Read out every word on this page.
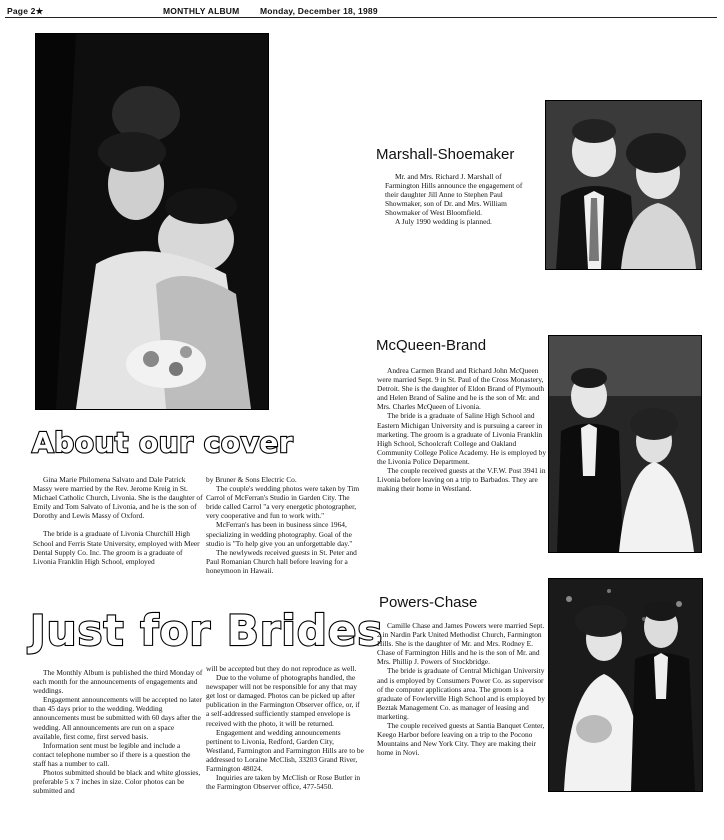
Page 2★	MONTHLY ALBUM Monday, December 18, 1989
About our cover

Gina Marie Philomena Salvato and Dale Patrick Massy were married by the Rev. Jerome Kreig in St. Michael Catholic Church, Livonia. She is the daughter of Emily and Tom Salvato of Livonia, and he is the son of Dorothy and Lewis Massy of Oxford.

The bride is a graduate of Livonia Churchill High School and Ferris State University, employed with Meer Dental Supply Co. Inc. The groom is a graduate of Livonia Franklin High School, employed

by Bruner & Sons Electric Co.

The couple's wedding photos were taken by Tim Carrol of McFerran's Studio in Garden City. The bride called Carrol "a very energetic photographer, very cooperative and fun to work with."

McFerran's has been in business since 1964, specializing in wedding photography. Goal of the studio is "To help give you an unforgettable day."

The newlyweds received guests in St. Peter and Paul Romanian Church hall before leaving for a honeymoon in Hawaii.

Just for Brides

The Monthly Album is published the third Monday of each month for the announcements of engagements and weddings.

Engagement announcements will be accepted no later than 45 days prior to the wedding. Wedding announcements must be submitted with 60 days after the wedding. All announcements are run on a space available, first come, first served basis.

Information sent must be legible and include a contact telephone number so if there is a question the staff has a number to call.

Photos submitted should be black and white glossies, preferable 5 x 7 inches in size. Color photos can be submitted and

will be accepted but they do not reproduce as well.

Due to the volume of photographs handled, the newspaper will not be responsible for any that may get lost or damaged. Photos can be picked up after publication in the Farmington Observer office, or, if a self-addressed sufficiently stamped envelope is received with the photo, it will be returned.

Engagement and wedding announcements pertinent to Livonia, Redford, Garden City, Westland, Farmington and Farmington Hills are to be addressed to Loraine McClish, 33203 Grand River, Farmington 48024.

Inquiries are taken by McClish or Rose Butler in the Farmington Observer office, 477-5450.

Marshall-Shoemaker

Mr. and Mrs. Richard J. Marshall of Farmington Hills announce the engagement of their daughter Jill Anne to Stephen Paul Showmaker, son of Dr. and Mrs. William Showmaker of West Bloomfield.

A July 1990 wedding is planned.

McQueen-Brand

Andrea Carmen Brand and Richard John McQueen were married Sept. 9 in St. Paul of the Cross Monastery, Detroit. She is the daughter of Eldon Brand of Plymouth and Helen Brand of Saline and he is the son of Mr. and Mrs. Charles McQueen of Livonia.

The bride is a graduate of Saline High School and Eastern Michigan University and is pursuing a career in marketing. The groom is a graduate of Livonia Franklin High School, Schoolcraft College and Oakland Community College Police Academy. He is employed by the Livonia Police Department.

The couple received guests at the V.F.W. Post 3941 in Livonia before leaving on a trip to Barbados. They are making their home in Westland.

Powers-Chase

Camille Chase and James Powers were married Sept. 2 in Nardin Park United Methodist Church, Farmington Hills. She is the daughter of Mr. and Mrs. Rodney E. Chase of Farmington Hills and he is the son of Mr. and Mrs. Phillip J. Powers of Stockbridge.

The bride is graduate of Central Michigan University and is employed by Consumers Power Co. as supervisor of the computer applications area. The groom is a graduate of Fowlerville High School and is employed by Beztak Management Co. as manager of leasing and marketing.

The couple received guests at Santia Banquet Center, Keego Harbor before leaving on a trip to the Pocono Mountains and New York City. They are making their home in Novi.
